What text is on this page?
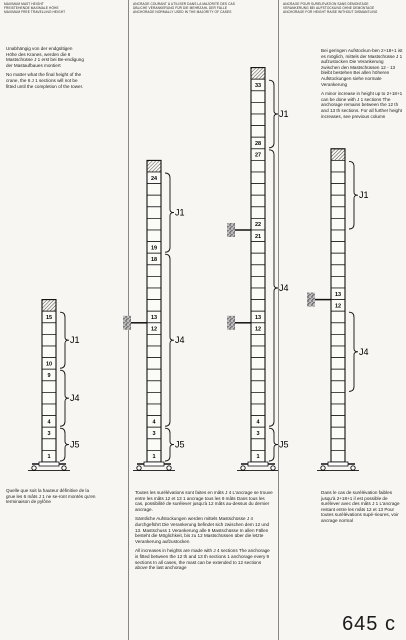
MAXIMUM MAST HEIGHT
FREISTEHENDE MAXIMALE HÖHE
MAXIMUM FREE TRAVELLING HEIGHT

Unabhängig von der endgültigen Höhe des Kranes, werden die 6 Mastschüsse J 1 erst bei Be-endigung der Mastaufbaues montiert

No matter what the final height of the crane, the 6 J 1 sections will not be fitted until the completion of the tower.

15
10
9
4
3
1
J1
J4
J5

Quelle que soit la hauteur définitive de la grue les 6 mâts J 1 ne se-ront montés qu'en terminaison de pylône

ANCRAGE COURANT À UTILISER DANS LA MAJORITÉ DES CAS
ÜBLICHE VERANKERUNG FÜR DIE MEHRZAHL DER FÄLLE
ANCHORAGE NORMALLY USED IN THE MAJORITY OF CASES
24
19
18
13
12
4
3
1
J1
J4
J5
33
28
27
22
21
13
12
4
3
1
J1
J4
J5

Toutes les surélévations sont faites en mâts J 4 L'ancrage se trouve entre les mâts 12 et 13 1 ancrage tous les 9 mâts Dans tous les cas, possibilité de surélever jusqu'à 12 mâts au-dessus du dernier ancrage.

Sämtliche Aufstockungen werden mittels Mastschüsse J 4 durchgeführt Die Verankerung befindet sich zwischen dem 12 und 13. Mastschuss 1 Verankerung alle 9 Mastschüsse In allen Fällen besteht die Möglichkeit, bis zu 12 Mastschüssen über die letzte Verankerung aufzustocken

All increases in heights are made with J 4 sections The anchorage is fitted between the 12 th and 13 th sections 1 anchorage every 9 sections In all cases, the mast can be extended to 12 sections above the last anchorage

ANCRAGE POUR SURÉLÉVATION SANS DÉMONTAGE
VERANKERUNG BEI AUFSTOCKUNG OHNE DEMONTAGE
ANCHORAGE FOR HEIGHT RAISE WITHOUT DISMANTLING

Bei geringen Aufstockun-ben 2+18+1 ist es möglich, mittels der Mastschüsse J 1 aufzustocken Die Verankerung zwischen den Mastschüssen 12 - 13 bleibt bestehen Bei allen höheren Aufstockungen siehe normale Verankerung

A minor increase in height up to 2+18+1 can be done with J 1 sections The anchorage remains between the 12 th and 13 th sections. For all further height increases, see previous column

13
12
J1
J4

Dans le cas de surélévation faibles jusqu'à 2+18+1 il est possible de surélever avec des mâts J 1 L'ancrage restant entre les mâts 12 et 13 Pour toutes surélévations supé-rieures, voir ancrage normal

645 c
